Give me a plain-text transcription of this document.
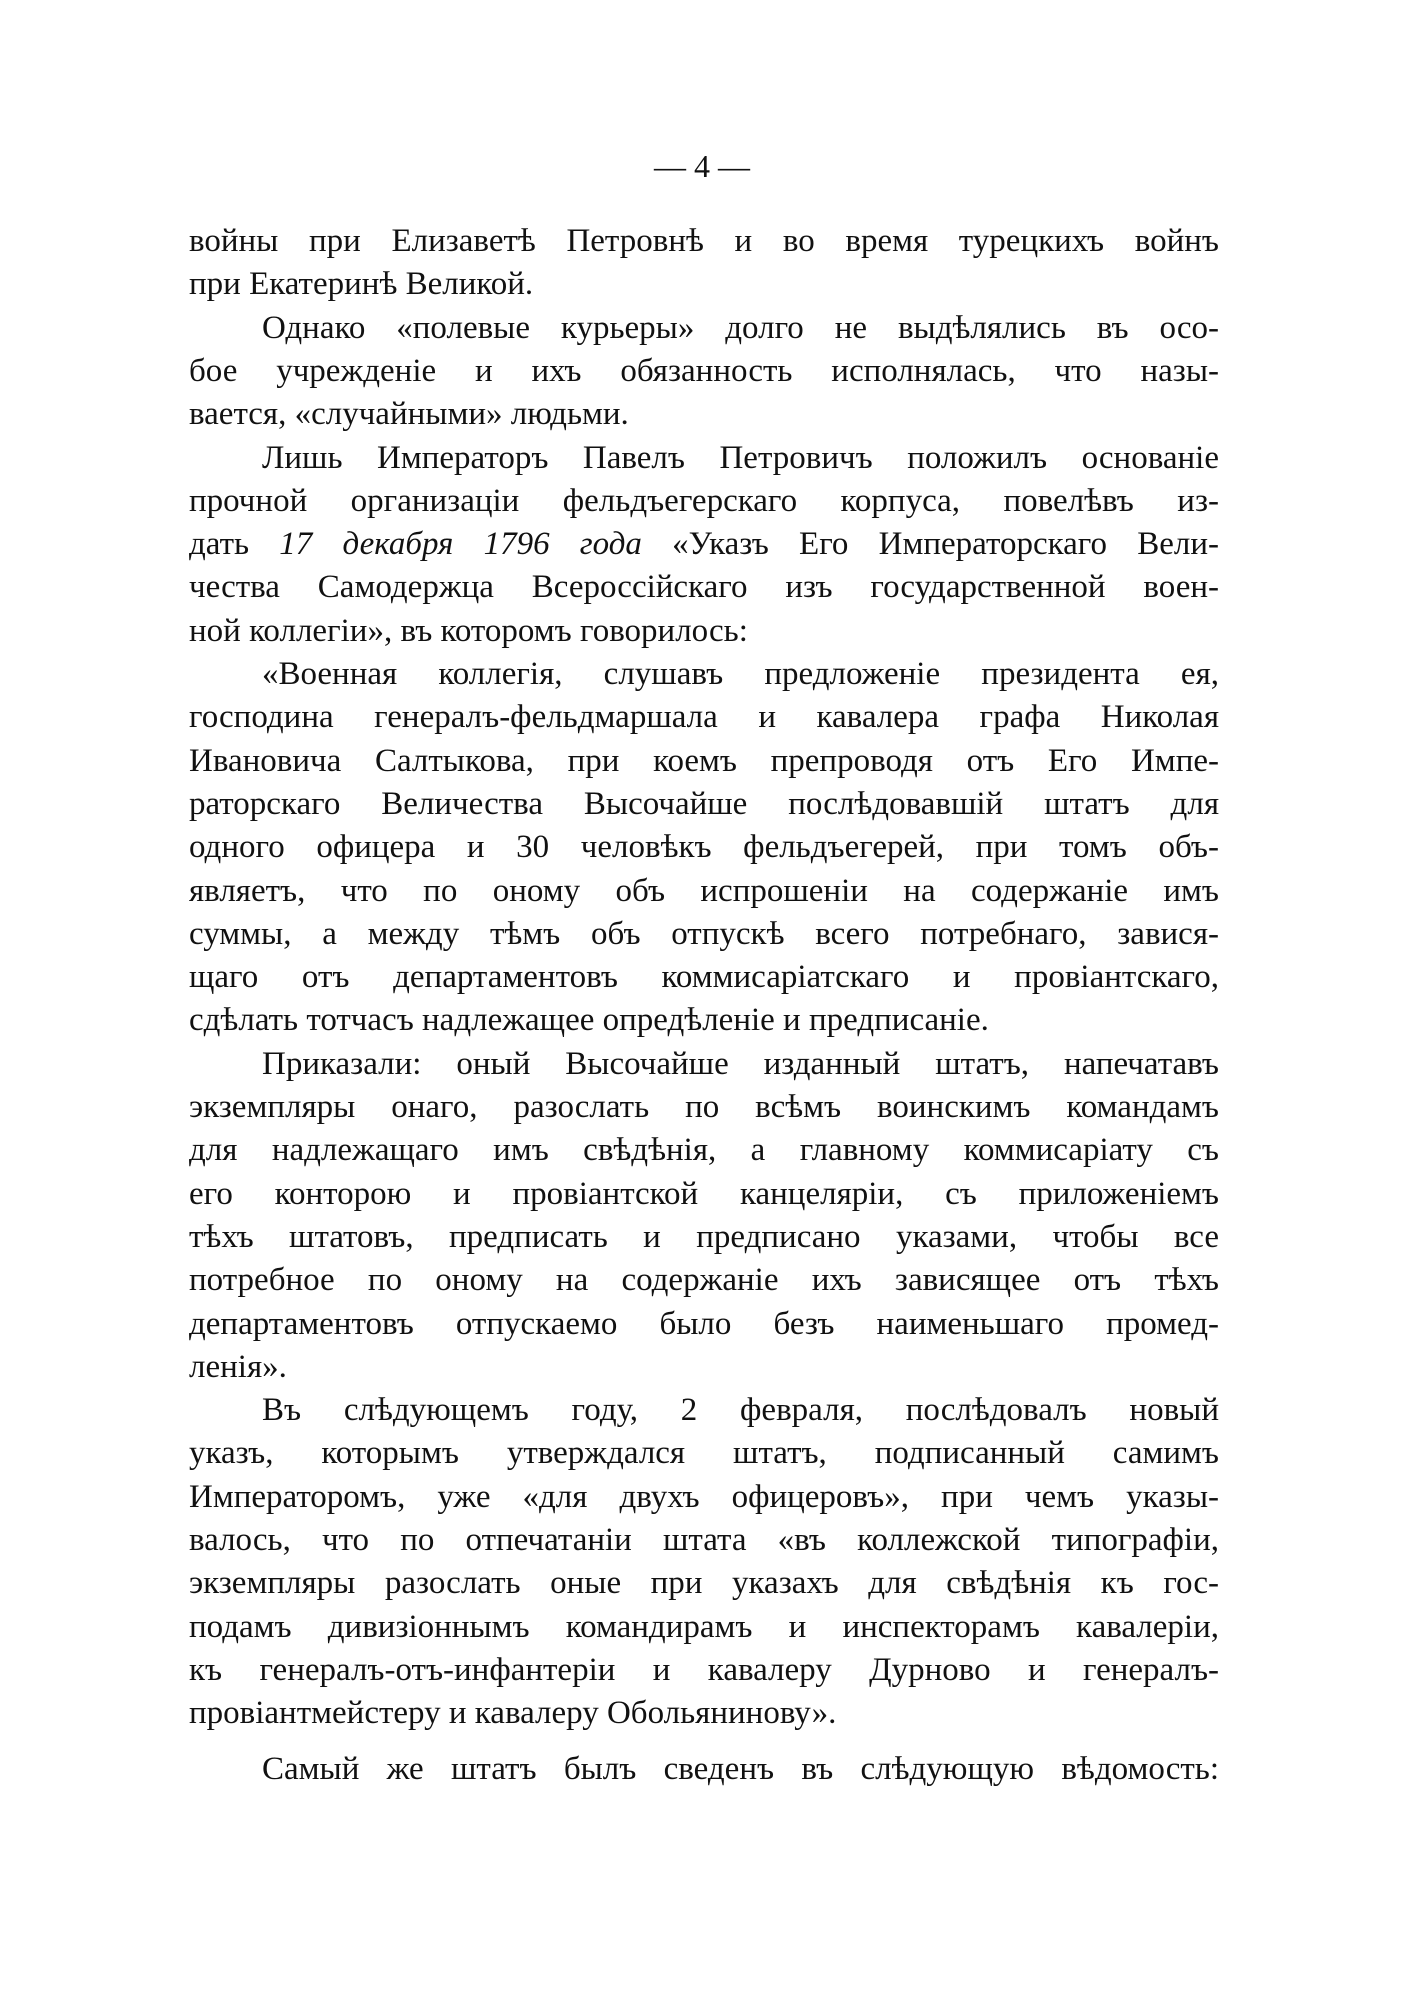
— 4 —
войны при Елизаветѣ Петровнѣ и во время турецкихъ войнъ
при Екатеринѣ Великой.
Однако «полевые курьеры» долго не выдѣлялись въ осо-
бое учрежденіе и ихъ обязанность исполнялась, что назы-
вается, «случайными» людьми.
Лишь Императоръ Павелъ Петровичъ положилъ основаніе
прочной организаціи фельдъегерскаго корпуса, повелѣвъ из-
дать 17 декабря 1796 года «Указъ Его Императорскаго Вели-
чества Самодержца Всероссійскаго изъ государственной воен-
ной коллегіи», въ которомъ говорилось:
«Военная коллегія, слушавъ предложеніе президента ея,
господина генералъ-фельдмаршала и кавалера графа Николая
Ивановича Салтыкова, при коемъ препроводя отъ Его Импе-
раторскаго Величества Высочайше послѣдовавшій штатъ для
одного офицера и 30 человѣкъ фельдъегерей, при томъ объ-
являетъ, что по оному объ испрошеніи на содержаніе имъ
суммы, а между тѣмъ объ отпускѣ всего потребнаго, завися-
щаго отъ департаментовъ коммисаріатскаго и провіантскаго,
сдѣлать тотчасъ надлежащее опредѣленіе и предписаніе.
Приказали: оный Высочайше изданный штатъ, напечатавъ
экземпляры онаго, разослать по всѣмъ воинскимъ командамъ
для надлежащаго имъ свѣдѣнія, а главному коммисаріату съ
его конторою и провіантской канцеляріи, съ приложеніемъ
тѣхъ штатовъ, предписать и предписано указами, чтобы все
потребное по оному на содержаніе ихъ зависящее отъ тѣхъ
департаментовъ отпускаемо было безъ наименьшаго промед-
ленія».
Въ слѣдующемъ году, 2 февраля, послѣдовалъ новый
указъ, которымъ утверждался штатъ, подписанный самимъ
Императоромъ, уже «для двухъ офицеровъ», при чемъ указы-
валось, что по отпечатаніи штата «въ коллежской типографіи,
экземпляры разослать оные при указахъ для свѣдѣнія къ гос-
подамъ дивизіоннымъ командирамъ и инспекторамъ кавалеріи,
къ генералъ-отъ-инфантеріи и кавалеру Дурново и генералъ-
провіантмейстеру и кавалеру Обольянинову».
Самый же штатъ былъ сведенъ въ слѣдующую вѣдомость:
